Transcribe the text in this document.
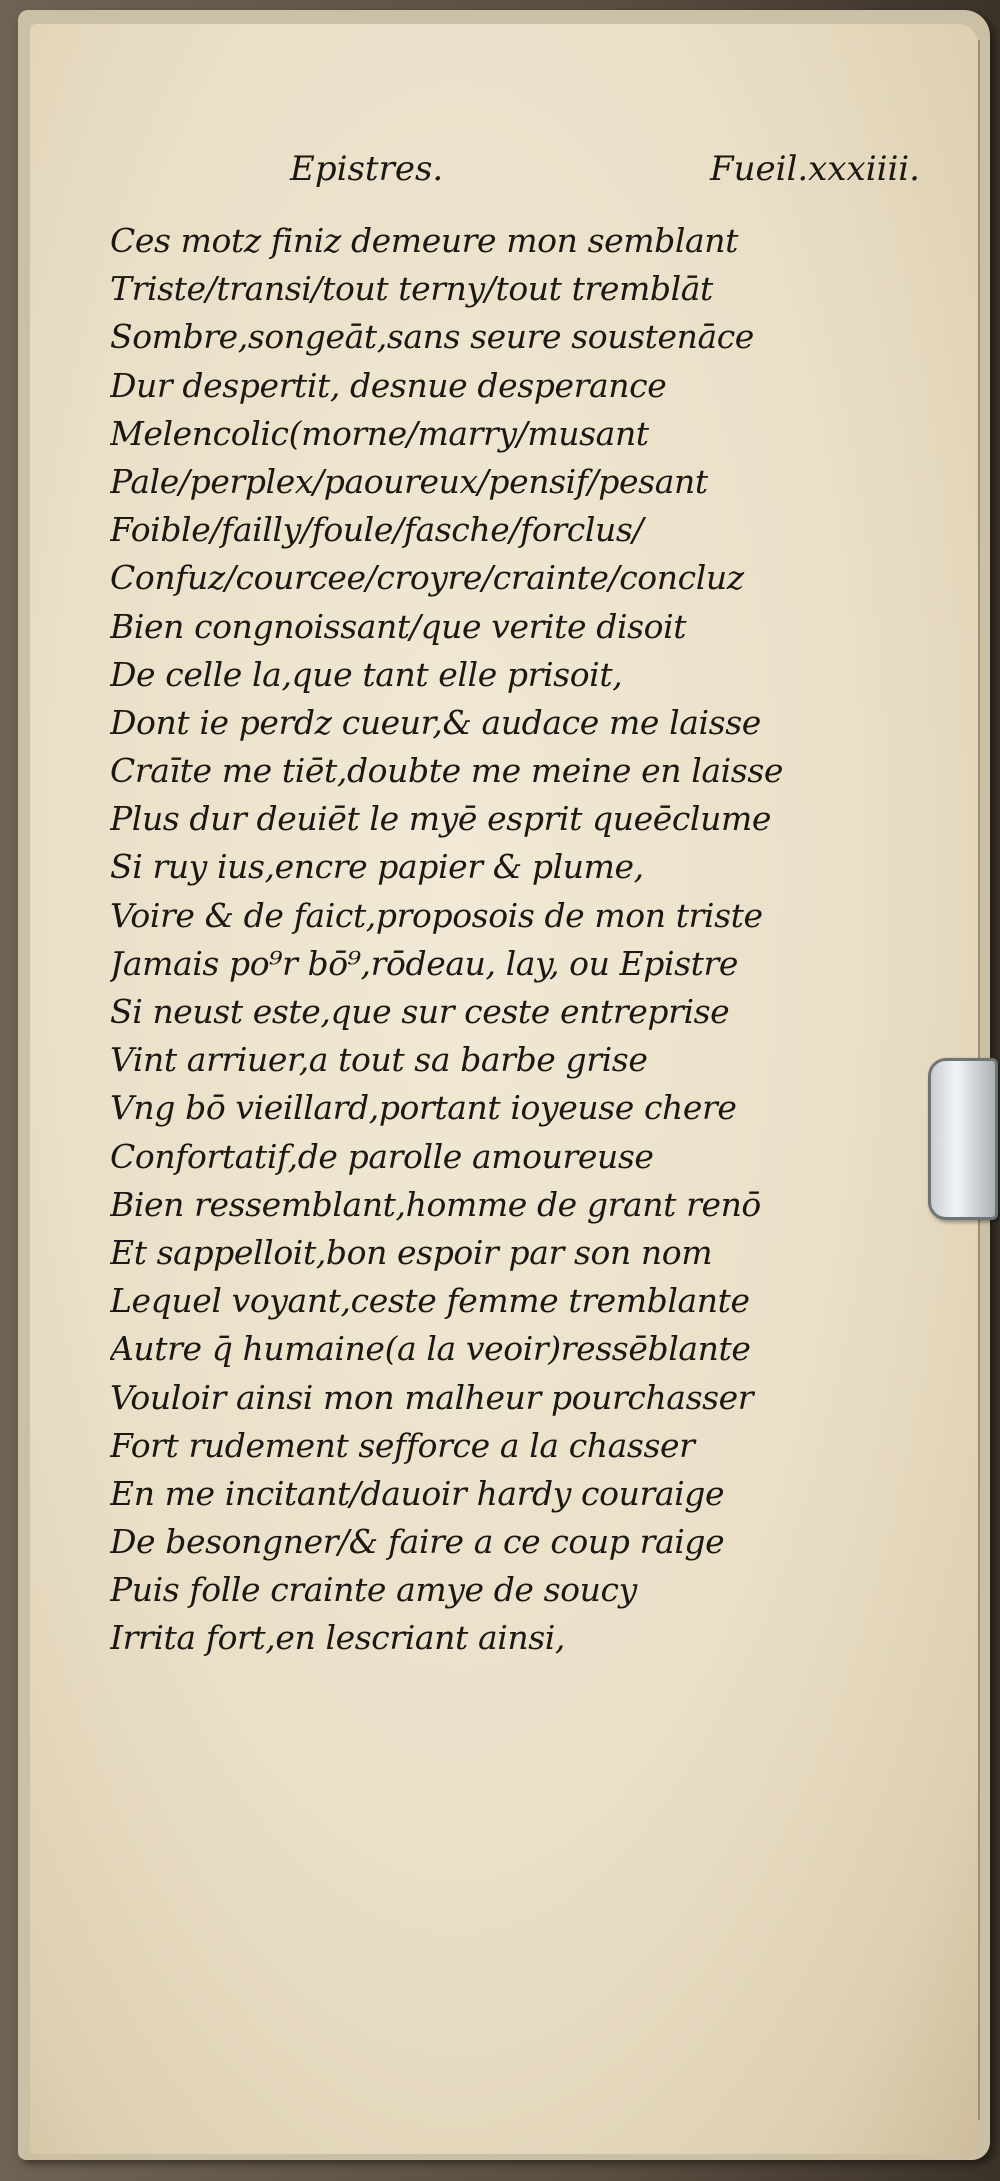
Epistres.	Fueil.xxxiiii.
Ces motz finiz demeure mon semblant
Triste/transi/tout terny/tout tremblāt
Sombre,songeāt,sans seure soustenāce
Dur despertit, desnue desperance
Melencolic(morne/marry/musant
Pale/perplex/paoureux/pensif/pesant
Foible/failly/foule/fasche/forclus/
Confuz/courcee/croyre/crainte/concluz
Bien congnoissant/que verite disoit
De celle la,que tant elle prisoit,
Dont ie perdz cueur,& audace me laisse
Craīte me tiēt,doubte me meine en laisse
Plus dur deuiēt le myē esprit queēclume
Si ruy ius,encre papier & plume,
Voire & de faict,proposois de mon triste
Jamais po⁹r bō⁹,rōdeau, lay, ou Epistre
Si neust este,que sur ceste entreprise
Vint arriuer,a tout sa barbe grise
Vng bō vieillard,portant ioyeuse chere
Confortatif,de parolle amoureuse
Bien ressemblant,homme de grant renō
Et sappelloit,bon espoir par son nom
Lequel voyant,ceste femme tremblante
Autre q̄ humaine(a la veoir)ressēblante
Vouloir ainsi mon malheur pourchasser
Fort rudement sefforce a la chasser
En me incitant/dauoir hardy couraige
De besongner/& faire a ce coup raige
Puis folle crainte amye de soucy
Irrita fort,en lescriant ainsi,
